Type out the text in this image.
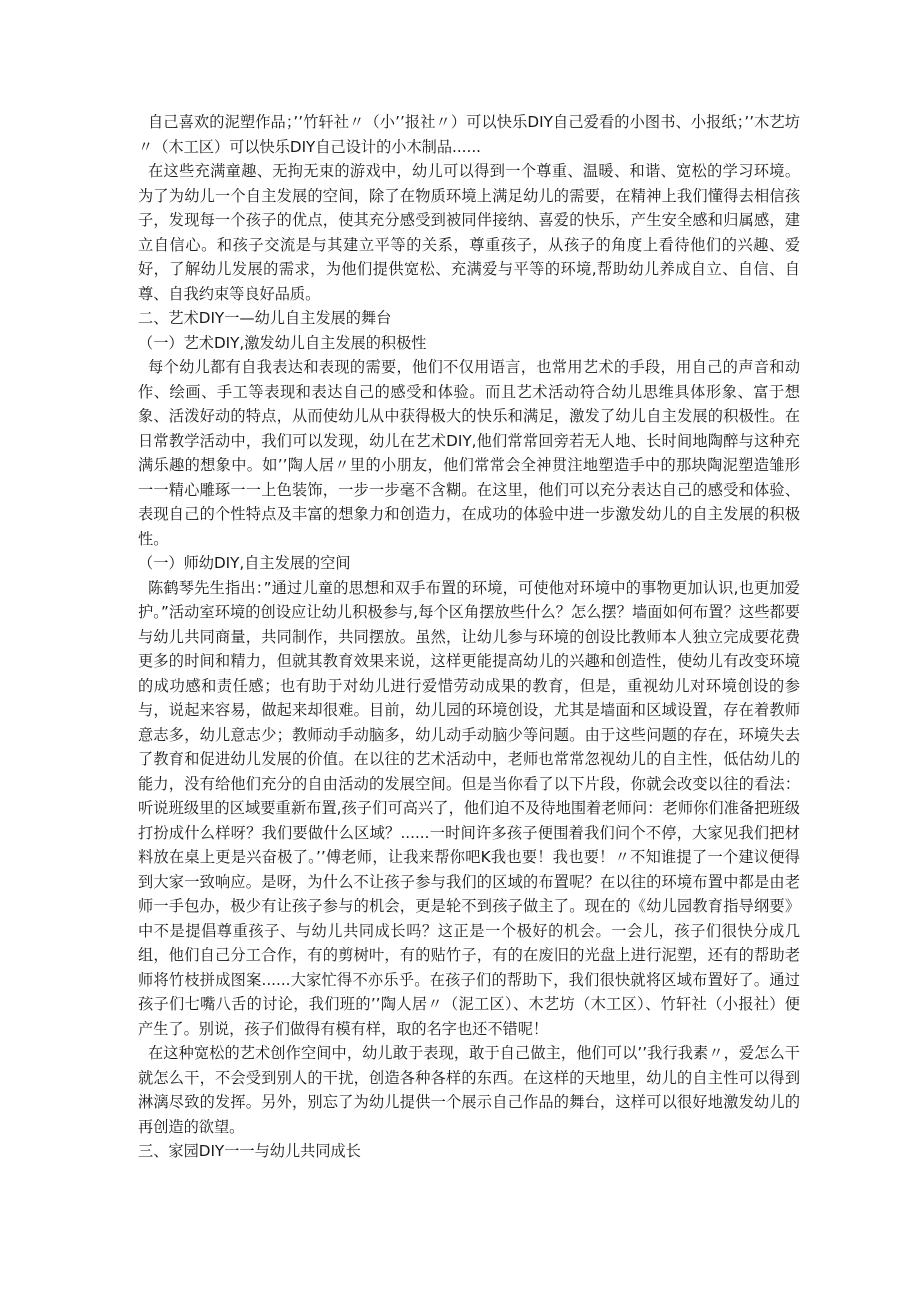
自己喜欢的泥塑作品；’’竹轩社〃（小’’报社〃）可以快乐DIY自己爱看的小图书、小报纸；’’木艺坊〃（木工区）可以快乐DIY自己设计的小木制品......

在这些充满童趣、无拘无束的游戏中，幼儿可以得到一个尊重、温暖、和谐、宽松的学习环境。为了为幼儿一个自主发展的空间，除了在物质环境上满足幼儿的需要，在精神上我们懂得去相信孩子，发现每一个孩子的优点，使其充分感受到被同伴接纳、喜爱的快乐，产生安全感和归属感，建立自信心。和孩子交流是与其建立平等的关系，尊重孩子，从孩子的角度上看待他们的兴趣、爱好，了解幼儿发展的需求，为他们提供宽松、充满爱与平等的环境,帮助幼儿养成自立、自信、自尊、自我约束等良好品质。

二、艺术DIY一—幼儿自主发展的舞台

（一）艺术DIY,激发幼儿自主发展的积极性

每个幼儿都有自我表达和表现的需要，他们不仅用语言，也常用艺术的手段，用自己的声音和动作、绘画、手工等表现和表达自己的感受和体验。而且艺术活动符合幼儿思维具体形象、富于想象、活泼好动的特点，从而使幼儿从中获得极大的快乐和满足，激发了幼儿自主发展的积极性。在日常教学活动中，我们可以发现，幼儿在艺术DIY,他们常常回旁若无人地、长时间地陶醉与这种充满乐趣的想象中。如’’陶人居〃里的小朋友，他们常常会全神贯注地塑造手中的那块陶泥塑造雏形一一精心雕琢一一上色装饰，一步一步毫不含糊。在这里，他们可以充分表达自己的感受和体验、表现自己的个性特点及丰富的想象力和创造力，在成功的体验中进一步激发幼儿的自主发展的积极性。

（一）师幼DIY,自主发展的空间

陈鹤琴先生指出：”通过儿童的思想和双手布置的环境，可使他对环境中的事物更加认识,也更加爱护。”活动室环境的创设应让幼儿积极参与,每个区角摆放些什么？怎么摆？墙面如何布置？这些都要与幼儿共同商量，共同制作，共同摆放。虽然，让幼儿参与环境的创设比教师本人独立完成要花费更多的时间和精力，但就其教育效果来说，这样更能提高幼儿的兴趣和创造性，使幼儿有改变环境的成功感和责任感；也有助于对幼儿进行爱惜劳动成果的教育，但是，重视幼儿对环境创设的参与，说起来容易，做起来却很难。目前，幼儿园的环境创设，尤其是墙面和区域设置，存在着教师意志多，幼儿意志少；教师动手动脑多，幼儿动手动脑少等问题。由于这些问题的存在，环境失去了教育和促进幼儿发展的价值。在以往的艺术活动中，老师也常常忽视幼儿的自主性，低估幼儿的能力，没有给他们充分的自由活动的发展空间。但是当你看了以下片段，你就会改变以往的看法：听说班级里的区域要重新布置,孩子们可高兴了，他们迫不及待地围着老师问：老师你们准备把班级打扮成什么样呀？我们要做什么区域？......一时间许多孩子便围着我们问个不停，大家见我们把材料放在桌上更是兴奋极了。’’傅老师，让我来帮你吧K我也要！我也要！〃不知谁提了一个建议便得到大家一致响应。是呀，为什么不让孩子参与我们的区域的布置呢？在以往的环境布置中都是由老师一手包办，极少有让孩子参与的机会，更是轮不到孩子做主了。现在的《幼儿园教育指导纲要》中不是提倡尊重孩子、与幼儿共同成长吗？这正是一个极好的机会。一会儿，孩子们很快分成几组，他们自己分工合作，有的剪树叶，有的贴竹子，有的在废旧的光盘上进行泥塑，还有的帮助老师将竹枝拼成图案......大家忙得不亦乐乎。在孩子们的帮助下，我们很快就将区域布置好了。通过孩子们七嘴八舌的讨论，我们班的’’陶人居〃（泥工区）、木艺坊（木工区）、竹轩社（小报社）便产生了。别说，孩子们做得有模有样，取的名字也还不错呢！

在这种宽松的艺术创作空间中，幼儿敢于表现，敢于自己做主，他们可以’’我行我素〃，爱怎么干就怎么干，不会受到别人的干扰，创造各种各样的东西。在这样的天地里，幼儿的自主性可以得到淋漓尽致的发挥。另外，别忘了为幼儿提供一个展示自己作品的舞台，这样可以很好地激发幼儿的再创造的欲望。

三、家园DIY一一与幼儿共同成长
